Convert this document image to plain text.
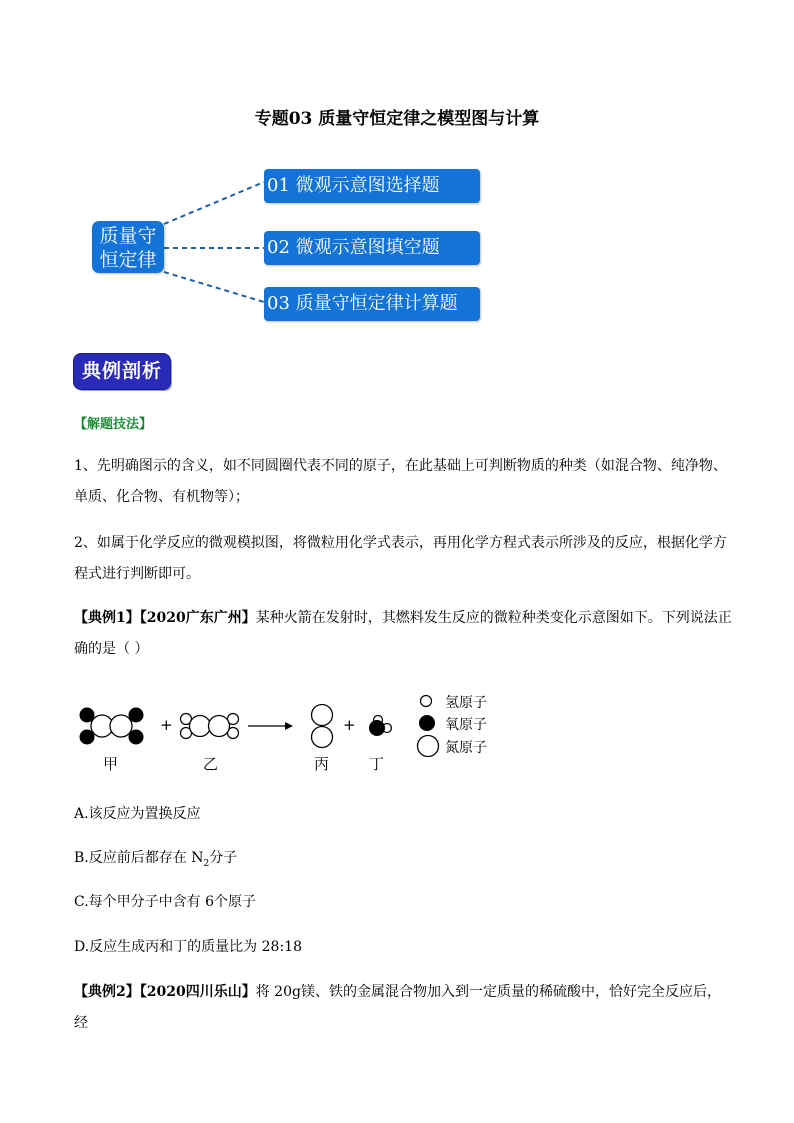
专题03 质量守恒定律之模型图与计算
质量守
恒定律
01 微观示意图选择题
02 微观示意图填空题
03 质量守恒定律计算题
典例剖析
【解题技法】
1、先明确图示的含义，如不同圆圈代表不同的原子，在此基础上可判断物质的种类（如混合物、纯净物、单质、化合物、有机物等）；
2、如属于化学反应的微观模拟图，将微粒用化学式表示，再用化学方程式表示所涉及的反应，根据化学方程式进行判断即可。
【典例1】【2020广东广州】某种火箭在发射时，其燃料发生反应的微粒种类变化示意图如下。下列说法正确的是（ ）
+	+
甲	乙	丙	丁
氢原子
氧原子
氮原子
A.该反应为置换反应
B.反应前后都存在 $N_2$分子
C.每个甲分子中含有 6个原子
D.反应生成丙和丁的质量比为 28:18
【典例2】【2020四川乐山】将 20g镁、铁的金属混合物加入到一定质量的稀硫酸中，恰好完全反应后，经
